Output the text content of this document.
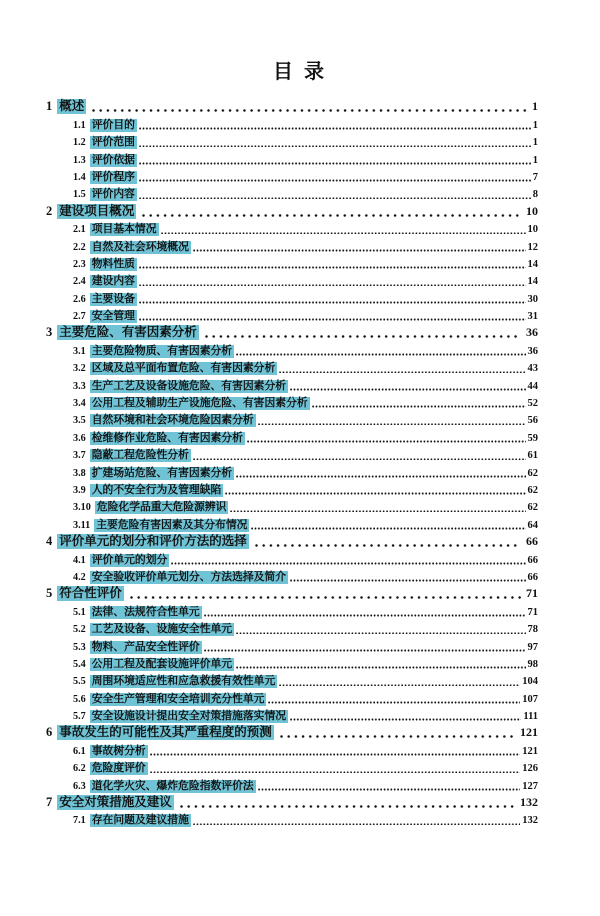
目 录
1 概述	1
1.1 评价目的	1
1.2 评价范围	1
1.3 评价依据	1
1.4 评价程序	7
1.5 评价内容	8
2 建设项目概况	10
2.1 项目基本情况	10
2.2 自然及社会环境概况	12
2.3 物料性质	14
2.4 建设内容	14
2.6 主要设备	30
2.7 安全管理	31
3 主要危险、有害因素分析	36
3.1 主要危险物质、有害因素分析	36
3.2 区域及总平面布置危险、有害因素分析	43
3.3 生产工艺及设备设施危险、有害因素分析	44
3.4 公用工程及辅助生产设施危险、有害因素分析	52
3.5 自然环境和社会环境危险因素分析	56
3.6 检维修作业危险、有害因素分析	59
3.7 隐蔽工程危险性分析	61
3.8 扩建场站危险、有害因素分析	62
3.9 人的不安全行为及管理缺陷	62
3.10 危险化学品重大危险源辨识	62
3.11 主要危险有害因素及其分布情况	64
4 评价单元的划分和评价方法的选择	66
4.1 评价单元的划分	66
4.2 安全验收评价单元划分、方法选择及简介	66
5 符合性评价	71
5.1 法律、法规符合性单元	71
5.2 工艺及设备、设施安全性单元	78
5.3 物料、产品安全性评价	97
5.4 公用工程及配套设施评价单元	98
5.5 周围环境适应性和应急救援有效性单元	104
5.6 安全生产管理和安全培训充分性单元	107
5.7 安全设施设计提出安全对策措施落实情况	111
6 事故发生的可能性及其严重程度的预测	121
6.1 事故树分析	121
6.2 危险度评价	126
6.3 道化学火灾、爆炸危险指数评价法	127
7 安全对策措施及建议	132
7.1 存在问题及建议措施	132
